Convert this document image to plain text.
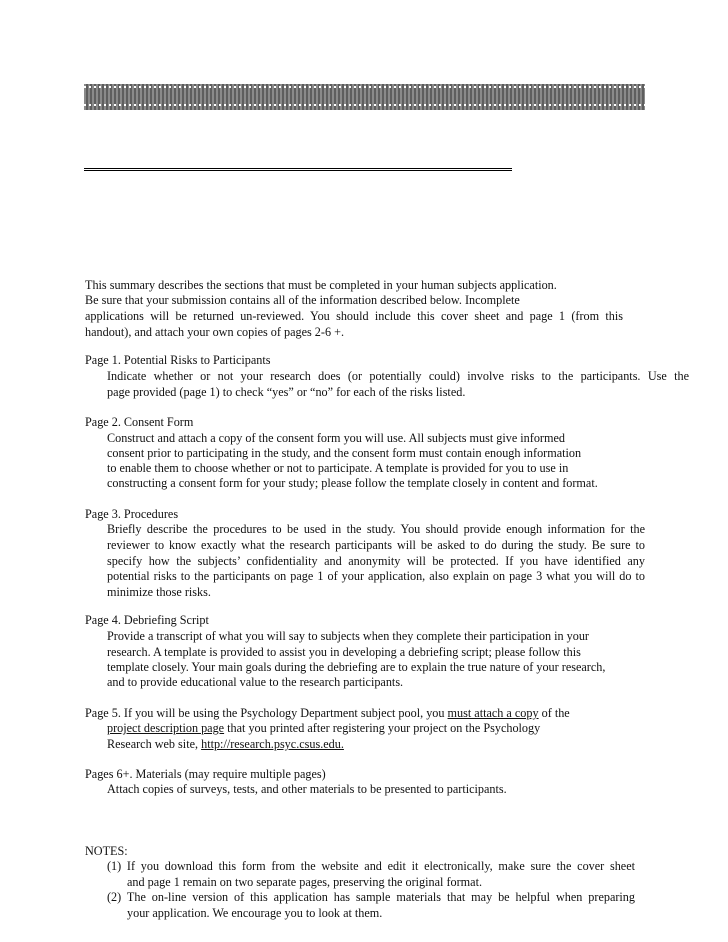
This summary describes the sections that must be completed in your human subjects application.
Be sure that your submission contains all of the information described below. Incomplete
applications will be returned un-reviewed. You should include this cover sheet and page 1 (from this
handout), and attach your own copies of pages 2-6 +.
Page 1. Potential Risks to Participants
Indicate whether or not your research does (or potentially could) involve risks to the participants. Use the
page provided (page 1) to check “yes” or “no” for each of the risks listed.
Page 2. Consent Form
Construct and attach a copy of the consent form you will use. All subjects must give informed
consent prior to participating in the study, and the consent form must contain enough information
to enable them to choose whether or not to participate. A template is provided for you to use in
constructing a consent form for your study; please follow the template closely in content and format.
Page 3. Procedures
Briefly describe the procedures to be used in the study. You should provide enough information for the
reviewer to know exactly what the research participants will be asked to do during the study. Be sure to
specify how the subjects’ confidentiality and anonymity will be protected. If you have identified any
potential risks to the participants on page 1 of your application, also explain on page 3 what you will do to
minimize those risks.
Page 4. Debriefing Script
Provide a transcript of what you will say to subjects when they complete their participation in your
research. A template is provided to assist you in developing a debriefing script; please follow this
template closely. Your main goals during the debriefing are to explain the true nature of your research,
and to provide educational value to the research participants.
Page 5. If you will be using the Psychology Department subject pool, you must attach a copy of the
project description page that you printed after registering your project on the Psychology
Research web site, http://research.psyc.csus.edu.
Pages 6+. Materials (may require multiple pages)
Attach copies of surveys, tests, and other materials to be presented to participants.
NOTES:
(1) If you download this form from the website and edit it electronically, make sure the cover sheet
and page 1 remain on two separate pages, preserving the original format.
(2) The on-line version of this application has sample materials that may be helpful when preparing
your application. We encourage you to look at them.
